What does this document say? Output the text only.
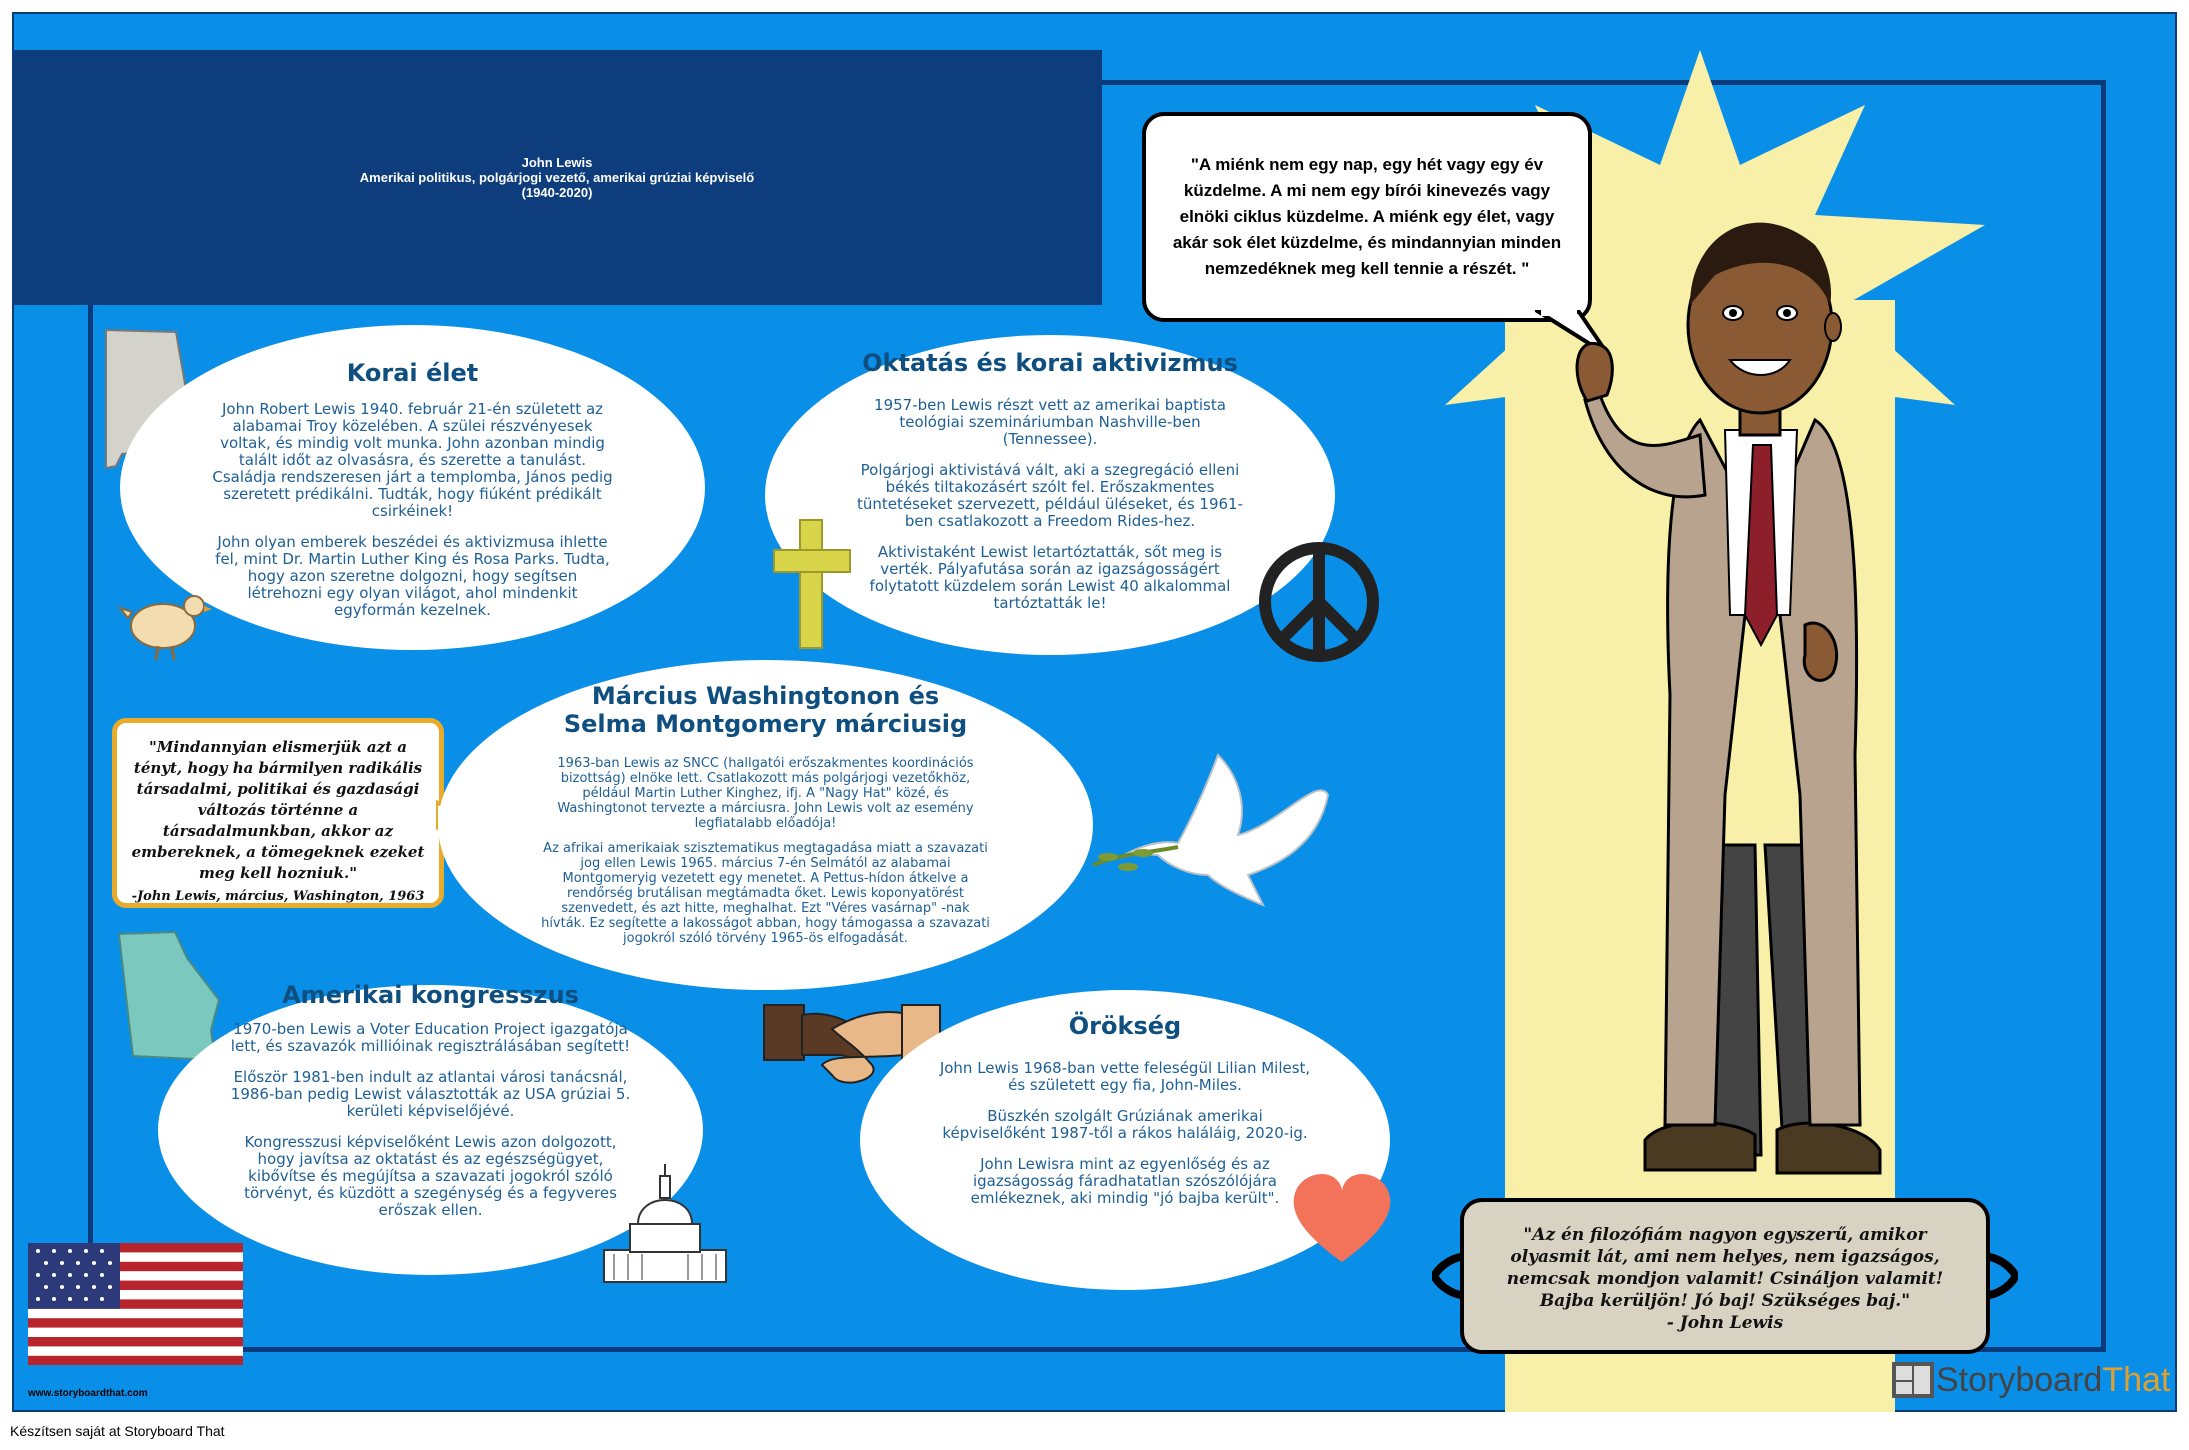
John Lewis
Amerikai politikus, polgárjogi vezető, amerikai grúziai képviselő
(1940-2020)
Korai élet

John Robert Lewis 1940. február 21-én született az alabamai Troy közelében. A szülei részvényesek voltak, és mindig volt munka. John azonban mindig talált időt az olvasásra, és szerette a tanulást. Családja rendszeresen járt a templomba, János pedig szeretett prédikálni. Tudták, hogy fiúként prédikált csirkéinek!

John olyan emberek beszédei és aktivizmusa ihlette fel, mint Dr. Martin Luther King és Rosa Parks. Tudta, hogy azon szeretne dolgozni, hogy segítsen létrehozni egy olyan világot, ahol mindenkit egyformán kezelnek.

Oktatás és korai aktivizmus

1957-ben Lewis részt vett az amerikai baptista teológiai szemináriumban Nashville-ben (Tennessee).

Polgárjogi aktivistává vált, aki a szegregáció elleni békés tiltakozásért szólt fel. Erőszakmentes tüntetéseket szervezett, például üléseket, és 1961-ben csatlakozott a Freedom Rides-hez.

Aktivistaként Lewist letartóztatták, sőt meg is verték. Pályafutása során az igazságosságért folytatott küzdelem során Lewist 40 alkalommal tartóztatták le!

"Mindannyian elismerjük azt a tényt, hogy ha bármilyen radikális társadalmi, politikai és gazdasági változás történne a társadalmunkban, akkor az embereknek, a tömegeknek ezeket meg kell hozniuk."
-John Lewis, március, Washington, 1963
Március Washingtonon és
Selma Montgomery márciusig

1963-ban Lewis az SNCC (hallgatói erőszakmentes koordinációs bizottság) elnöke lett. Csatlakozott más polgárjogi vezetőkhöz, például Martin Luther Kinghez, ifj. A "Nagy Hat" közé, és Washingtonot tervezte a márciusra. John Lewis volt az esemény legfiatalabb előadója!

Az afrikai amerikaiak szisztematikus megtagadása miatt a szavazati jog ellen Lewis 1965. március 7-én Selmától az alabamai Montgomeryig vezetett egy menetet. A Pettus-hídon átkelve a rendőrség brutálisan megtámadta őket. Lewis koponyatörést szenvedett, és azt hitte, meghalhat. Ezt "Véres vasárnap" -nak hívták. Ez segítette a lakosságot abban, hogy támogassa a szavazati jogokról szóló törvény 1965-ös elfogadását.

Amerikai kongresszus

1970-ben Lewis a Voter Education Project igazgatója lett, és szavazók millióinak regisztrálásában segített!

Először 1981-ben indult az atlantai városi tanácsnál, 1986-ban pedig Lewist választották az USA grúziai 5. kerületi képviselőjévé.

Kongresszusi képviselőként Lewis azon dolgozott, hogy javítsa az oktatást és az egészségügyet, kibővítse és megújítsa a szavazati jogokról szóló törvényt, és küzdött a szegénység és a fegyveres erőszak ellen.

Örökség

John Lewis 1968-ban vette feleségül Lilian Milest, és született egy fia, John-Miles.

Büszkén szolgált Grúziának amerikai képviselőként 1987-től a rákos haláláig, 2020-ig.

John Lewisra mint az egyenlőség és az igazságosság fáradhatatlan szószólójára emlékeznek, aki mindig "jó bajba került".

"A miénk nem egy nap, egy hét vagy egy év küzdelme. A mi nem egy bírói kinevezés vagy elnöki ciklus küzdelme. A miénk egy élet, vagy akár sok élet küzdelme, és mindannyian minden nemzedéknek meg kell tennie a részét. "
"Az én filozófiám nagyon egyszerű, amikor olyasmit lát, ami nem helyes, nem igazságos, nemcsak mondjon valamit! Csináljon valamit! Bajba kerüljön! Jó baj! Szükséges baj."
- John Lewis
www.storyboardthat.com	Storyboard That
Készítsen saját at Storyboard That
